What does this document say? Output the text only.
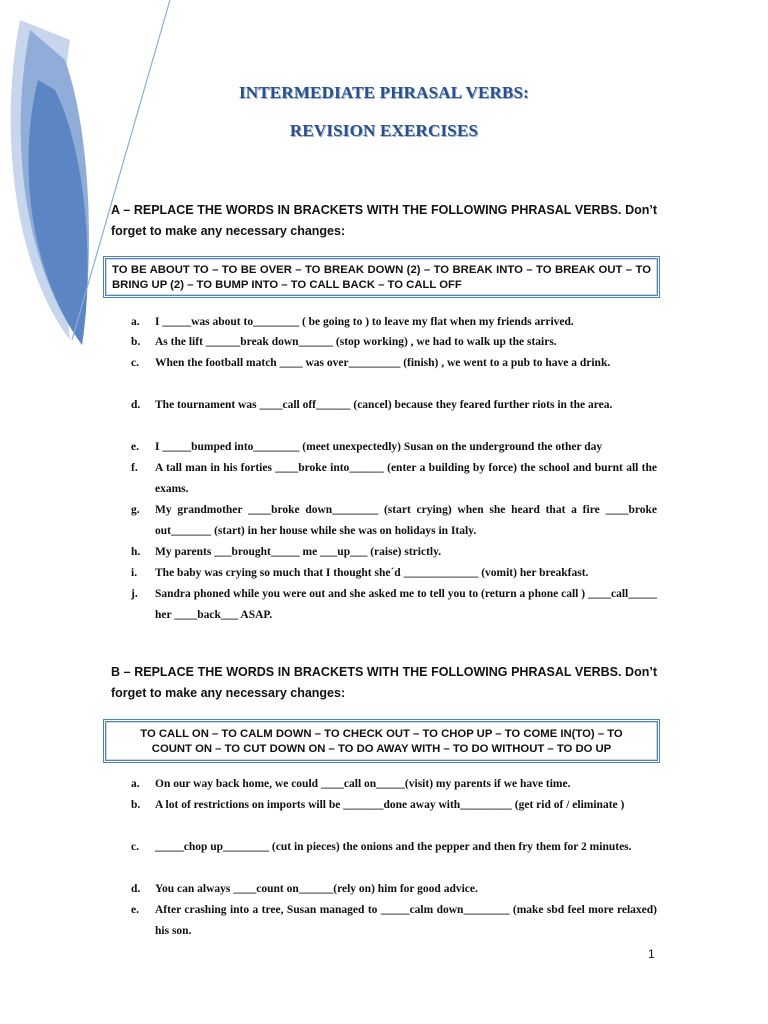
INTERMEDIATE PHRASAL VERBS:
REVISION EXERCISES
A – REPLACE THE WORDS IN BRACKETS WITH THE FOLLOWING PHRASAL VERBS. Don’t forget to make any necessary changes:
TO BE ABOUT TO – TO BE OVER – TO BREAK DOWN (2) – TO BREAK INTO – TO BREAK OUT – TO BRING UP (2) – TO BUMP INTO – TO CALL BACK – TO CALL OFF
a.	I _____was about to________ ( be going to ) to leave my flat when my friends arrived.
b.	As the lift ______break down______ (stop working) , we had to walk up the stairs.
c.	When the football match ____ was over_________ (finish) , we went to a pub to have a drink.
d.	The tournament was ____call off______ (cancel) because they feared further riots in the area.
e.	I _____bumped into________ (meet unexpectedly) Susan on the underground the other day
f.	A tall man in his forties ____broke into______ (enter a building by force) the school and burnt all the exams.
g.	My grandmother ____broke down________ (start crying) when she heard that a fire ____broke out_______ (start) in her house while she was on holidays in Italy.
h.	My parents ___brought_____ me ___up___ (raise) strictly.
i.	The baby was crying so much that I thought she´d _____________ (vomit) her breakfast.
j.	Sandra phoned while you were out and she asked me to tell you to (return a phone call ) ____call_____ her ____back___ ASAP.
B – REPLACE THE WORDS IN BRACKETS WITH THE FOLLOWING PHRASAL VERBS. Don’t forget to make any necessary changes:
TO CALL ON – TO CALM DOWN – TO CHECK OUT – TO CHOP UP – TO COME IN(TO) – TO
COUNT ON – TO CUT DOWN ON – TO DO AWAY WITH – TO DO WITHOUT – TO DO UP
a.	On our way back home, we could ____call on_____(visit) my parents if we have time.
b.	A lot of restrictions on imports will be _______done away with_________ (get rid of / eliminate )
c.	_____chop up________ (cut in pieces) the onions and the pepper and then fry them for 2 minutes.
d.	You can always ____count on______(rely on) him for good advice.
e.	After crashing into a tree, Susan managed to _____calm down________ (make sbd feel more relaxed) his son.
1
